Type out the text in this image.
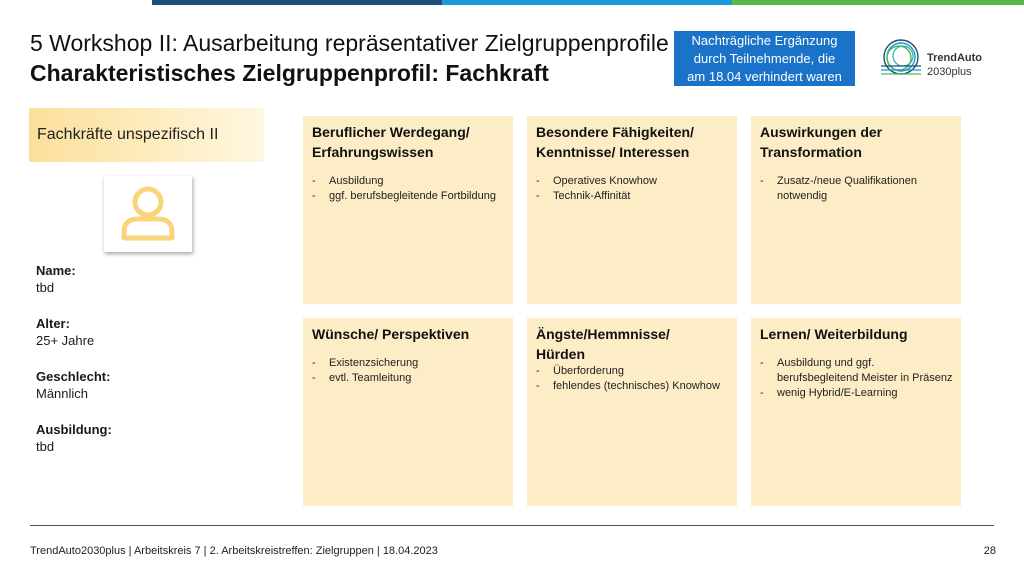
5 Workshop II: Ausarbeitung repräsentativer Zielgruppenprofile
Charakteristisches Zielgruppenprofil: Fachkraft
Nachträgliche Ergänzung
durch Teilnehmende, die
am 18.04 verhindert waren
TrendAuto
2030plus
Fachkräfte unspezifisch II
Name:
tbd
Alter:
25+ Jahre
Geschlecht:
Männlich
Ausbildung:
tbd
Beruflicher Werdegang/
Erfahrungswissen
- Ausbildung
- ggf. berufsbegleitende Fortbildung
Besondere Fähigkeiten/
Kenntnisse/ Interessen
- Operatives Knowhow
- Technik-Affinität
Auswirkungen der
Transformation
- Zusatz-/neue Qualifikationen notwendig
Wünsche/ Perspektiven
- Existenzsicherung
- evtl. Teamleitung
Ängste/Hemmnisse/
Hürden
- Überforderung
- fehlendes (technisches) Knowhow
Lernen/ Weiterbildung
- Ausbildung und ggf. berufsbegleitend Meister in Präsenz
- wenig Hybrid/E-Learning
TrendAuto2030plus | Arbeitskreis 7 | 2. Arbeitskreistreffen: Zielgruppen | 18.04.2023	28
